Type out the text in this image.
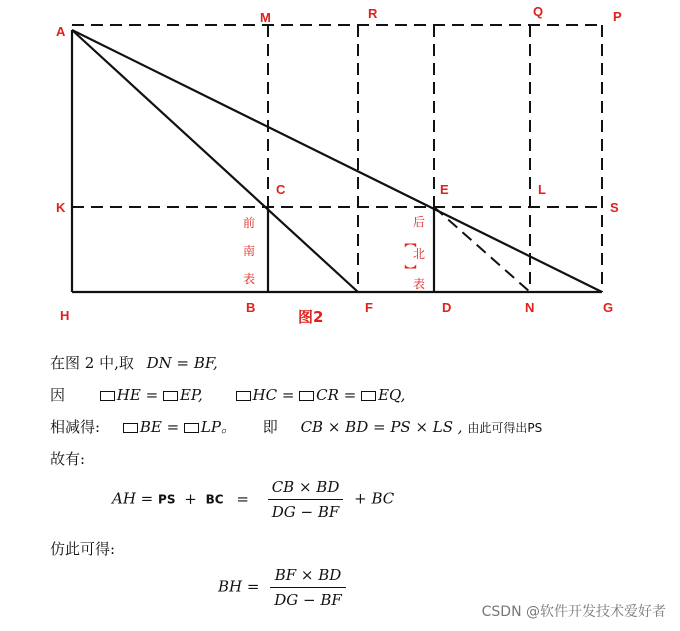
A
M	R	Q	P
K
C	E	L
S
H
B	F	D	N	G
前
南
表
后
【
北
】
表
图2
在图 2 中,取 DN = BF,
因	HE = EP,	HC = CR = EQ,
相减得:	BE = LP。 即 CB × BD = PS × LS , 由此可得出PS
故有:
AH = PS + BC = $\frac{CB \times BD}{DG - BF}$ + BC
仿此可得:
BH = $\frac{BF \times BD}{DG - BF}$
CSDN @软件开发技术爱好者
